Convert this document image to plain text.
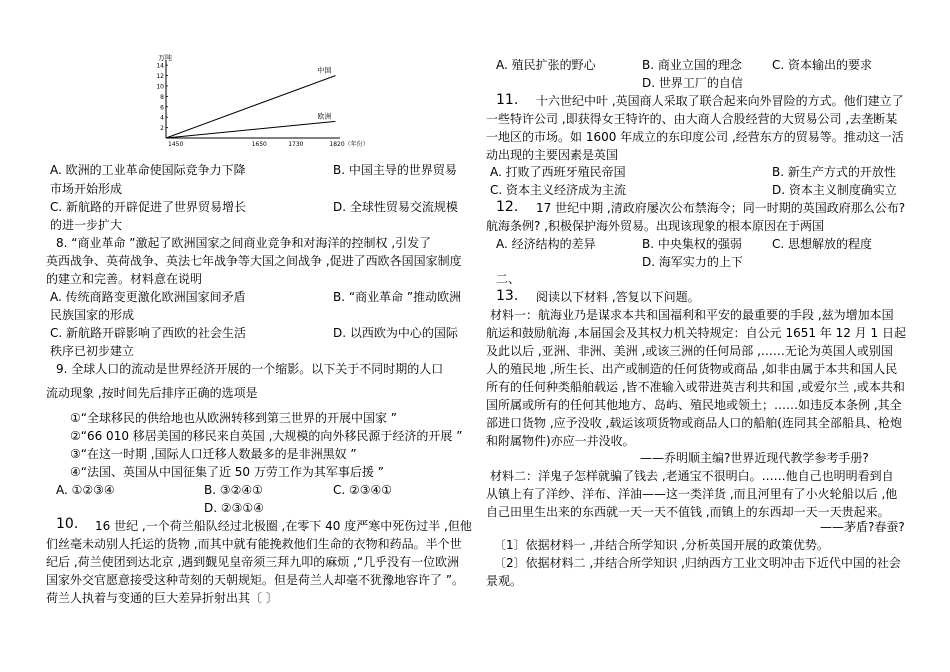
万吨
2
4
6
8
10
12
14
1450	1650	1730	1820（年份）
中国
欧洲
A. 欧洲的工业革命使国际竞争力下降	B. 中国主导的世界贸易
市场开始形成
C. 新航路的开辟促进了世界贸易增长	D. 全球性贸易交流规模
的进一步扩大
8. “商业革命 ”激起了欧洲国家之间商业竞争和对海洋的控制权 ,引发了
英西战争、英荷战争、英法七年战争等大国之间战争 ,促进了西欧各国国家制度
的建立和完善。材料意在说明
A. 传统商路变更激化欧洲国家间矛盾	B. “商业革命 ”推动欧洲
民族国家的形成
C. 新航路开辟影响了西欧的社会生活	D. 以西欧为中心的国际
秩序已初步建立
9. 全球人口的流动是世界经济开展的一个缩影。以下关于不同时期的人口
流动现象 ,按时间先后排序正确的选项是
①“全球移民的供给地也从欧洲转移到第三世界的开展中国家 ”
②“66 010 移居美国的移民来自英国 ,大规模的向外移民源于经济的开展 ”
③“在这一时期 ,国际人口迁移人数最多的是非洲黑奴 ”
④“法国、英国从中国征集了近 50 万劳工作为其军事后援 ”
A. ①②③④	B. ③②④①	C. ②③④①
D. ②③①④
10. 16 世纪 ,一个荷兰船队经过北极圈 ,在零下 40 度严寒中死伤过半 ,但他
们丝毫未动别人托运的货物 ,而其中就有能挽救他们生命的衣物和药品。半个世
纪后 ,荷兰使团到达北京 ,遇到觐见皇帝须三拜九叩的麻烦 ,“几乎没有一位欧洲
国家外交官愿意接受这种苛刻的天朝规矩。但是荷兰人却毫不犹豫地容许了 ”。
荷兰人执着与变通的巨大差异折射出其〔 〕
A. 殖民扩张的野心	B. 商业立国的理念	C. 资本输出的要求
D. 世界工厂的自信
11. 十六世纪中叶 ,英国商人采取了联合起来向外冒险的方式。他们建立了
一些特许公司 ,即获得女王特许的、由大商人合股经营的大贸易公司 ,去垄断某
一地区的市场。如 1600 年成立的东印度公司 ,经营东方的贸易等。推动这一活
动出现的主要因素是英国
A. 打败了西班牙殖民帝国	B. 新生产方式的开放性
C. 资本主义经济成为主流	D. 资本主义制度确实立
12. 17 世纪中期 ,清政府屡次公布禁海令；同一时期的英国政府那么公布?
航海条例? ,积极保护海外贸易。出现该现象的根本原因在于两国
A. 经济结构的差异	B. 中央集权的强弱	C. 思想解放的程度
D. 海军实力的上下
二、
13. 阅读以下材料 ,答复以下问题。
材料一：航海业乃是谋求本共和国福利和平安的最重要的手段 ,兹为增加本国
航运和鼓励航海 ,本届国会及其权力机关特规定：自公元 1651 年 12 月 1 日起
及此以后 ,亚洲、非洲、美洲 ,或该三洲的任何局部 ,……无论为英国人或别国
人的殖民地 ,所生长、出产或制造的任何货物或商品 ,如非由属于本共和国人民
所有的任何种类船舶载运 ,皆不准输入或带进英吉利共和国 ,或爱尔兰 ,或本共和
国所属或所有的任何其他地方、岛屿、殖民地或领土；……如违反本条例 ,其全
部进口货物 ,应予没收 ,载运该项货物或商品人口的船舶(连同其全部船具、枪炮
和附属物件)亦应一并没收。
——乔明顺主编?世界近现代教学参考手册?
材料二：洋鬼子怎样就骗了钱去 ,老通宝不很明白。……他自己也明明看到自
从镇上有了洋纱、洋布、洋油——这一类洋货 ,而且河里有了小火轮船以后 ,他
自己田里生出来的东西就一天一天不值钱 ,而镇上的东西却一天一天贵起来。
——茅盾?春蚕?
〔1〕依据材料一 ,并结合所学知识 ,分析英国开展的政策优势。
〔2〕依据材料二 ,并结合所学知识 ,归纳西方工业文明冲击下近代中国的社会
景观。
